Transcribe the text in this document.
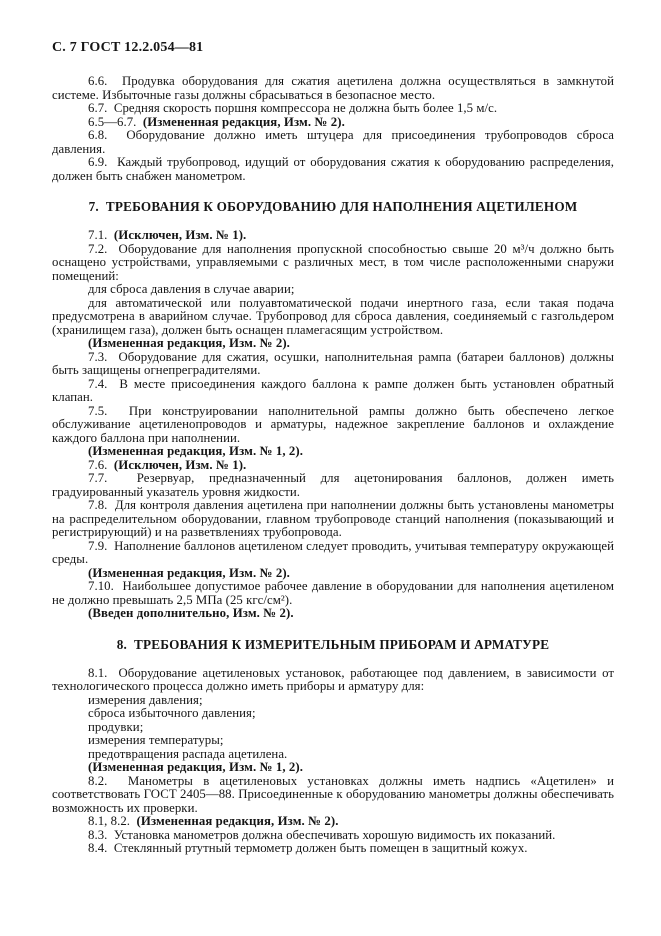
С. 7 ГОСТ 12.2.054—81

6.6.  Продувка оборудования для сжатия ацетилена должна осуществляться в замкнутой системе. Избыточные газы должны сбрасываться в безопасное место.

6.7.  Средняя скорость поршня компрессора не должна быть более 1,5 м/с.

6.5—6.7.  (Измененная редакция, Изм. № 2).

6.8.  Оборудование должно иметь штуцера для присоединения трубопроводов сброса давления.

6.9.  Каждый трубопровод, идущий от оборудования сжатия к оборудованию распределения, должен быть снабжен манометром.

7.  ТРЕБОВАНИЯ К ОБОРУДОВАНИЮ ДЛЯ НАПОЛНЕНИЯ АЦЕТИЛЕНОМ

7.1.  (Исключен, Изм. № 1).

7.2.  Оборудование для наполнения пропускной способностью свыше 20 м³/ч должно быть оснащено устройствами, управляемыми с различных мест, в том числе расположенными снаружи помещений:

для сброса давления в случае аварии;

для автоматической или полуавтоматической подачи инертного газа, если такая подача предусмотрена в аварийном случае. Трубопровод для сброса давления, соединяемый с газгольдером (хранилищем газа), должен быть оснащен пламегасящим устройством.

(Измененная редакция, Изм. № 2).

7.3.  Оборудование для сжатия, осушки, наполнительная рампа (батареи баллонов) должны быть защищены огнепреградителями.

7.4.  В месте присоединения каждого баллона к рампе должен быть установлен обратный клапан.

7.5.  При конструировании наполнительной рампы должно быть обеспечено легкое обслуживание ацетиленопроводов и арматуры, надежное закрепление баллонов и охлаждение каждого баллона при наполнении.

(Измененная редакция, Изм. № 1, 2).

7.6.  (Исключен, Изм. № 1).

7.7.  Резервуар, предназначенный для ацетонирования баллонов, должен иметь градуированный указатель уровня жидкости.

7.8.  Для контроля давления ацетилена при наполнении должны быть установлены манометры на распределительном оборудовании, главном трубопроводе станций наполнения (показывающий и регистрирующий) и на разветвлениях трубопровода.

7.9.  Наполнение баллонов ацетиленом следует проводить, учитывая температуру окружающей среды.

(Измененная редакция, Изм. № 2).

7.10.  Наибольшее допустимое рабочее давление в оборудовании для наполнения ацетиленом не должно превышать 2,5 МПа (25 кгс/см²).

(Введен дополнительно, Изм. № 2).

8.  ТРЕБОВАНИЯ К ИЗМЕРИТЕЛЬНЫМ ПРИБОРАМ И АРМАТУРЕ

8.1.  Оборудование ацетиленовых установок, работающее под давлением, в зависимости от технологического процесса должно иметь приборы и арматуру для:

измерения давления;

сброса избыточного давления;

продувки;

измерения температуры;

предотвращения распада ацетилена.

(Измененная редакция, Изм. № 1, 2).

8.2.  Манометры в ацетиленовых установках должны иметь надпись «Ацетилен» и соответствовать ГОСТ 2405—88. Присоединенные к оборудованию манометры должны обеспечивать возможность их проверки.

8.1, 8.2.  (Измененная редакция, Изм. № 2).

8.3.  Установка манометров должна обеспечивать хорошую видимость их показаний.

8.4.  Стеклянный ртутный термометр должен быть помещен в защитный кожух.
